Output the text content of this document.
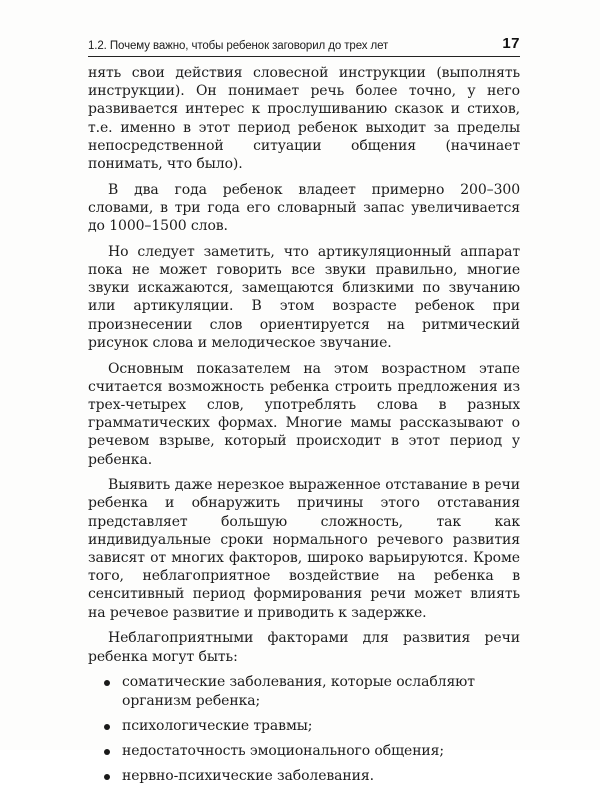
1.2. Почему важно, чтобы ребенок заговорил до трех лет	17

нять свои действия словесной инструкции (выполнять инструкции). Он понимает речь более точно, у него развивается интерес к прослушиванию сказок и стихов, т.е. именно в этот период ребенок выходит за пределы непосредственной ситуации общения (начинает понимать, что было).

В два года ребенок владеет примерно 200–300 словами, в три года его словарный запас увеличивается до 1000–1500 слов.

Но следует заметить, что артикуляционный аппарат пока не может говорить все звуки правильно, многие звуки искажаются, замещаются близкими по звучанию или артикуляции. В этом возрасте ребенок при произнесении слов ориентируется на ритмический рисунок слова и мелодическое звучание.

Основным показателем на этом возрастном этапе считается возможность ребенка строить предложения из трех-четырех слов, употреблять слова в разных грамматических формах. Многие мамы рассказывают о речевом взрыве, который происходит в этот период у ребенка.

Выявить даже нерезкое выраженное отставание в речи ребенка и обнаружить причины этого отставания представляет большую сложность, так как индивидуальные сроки нормального речевого развития зависят от многих факторов, широко варьируются. Кроме того, неблагоприятное воздействие на ребенка в сенситивный период формирования речи может влиять на речевое развитие и приводить к задержке.

Неблагоприятными факторами для развития речи ребенка могут быть:

соматические заболевания, которые ослабляют организм ребенка;
психологические травмы;
недостаточность эмоционального общения;
нервно-психические заболевания.
